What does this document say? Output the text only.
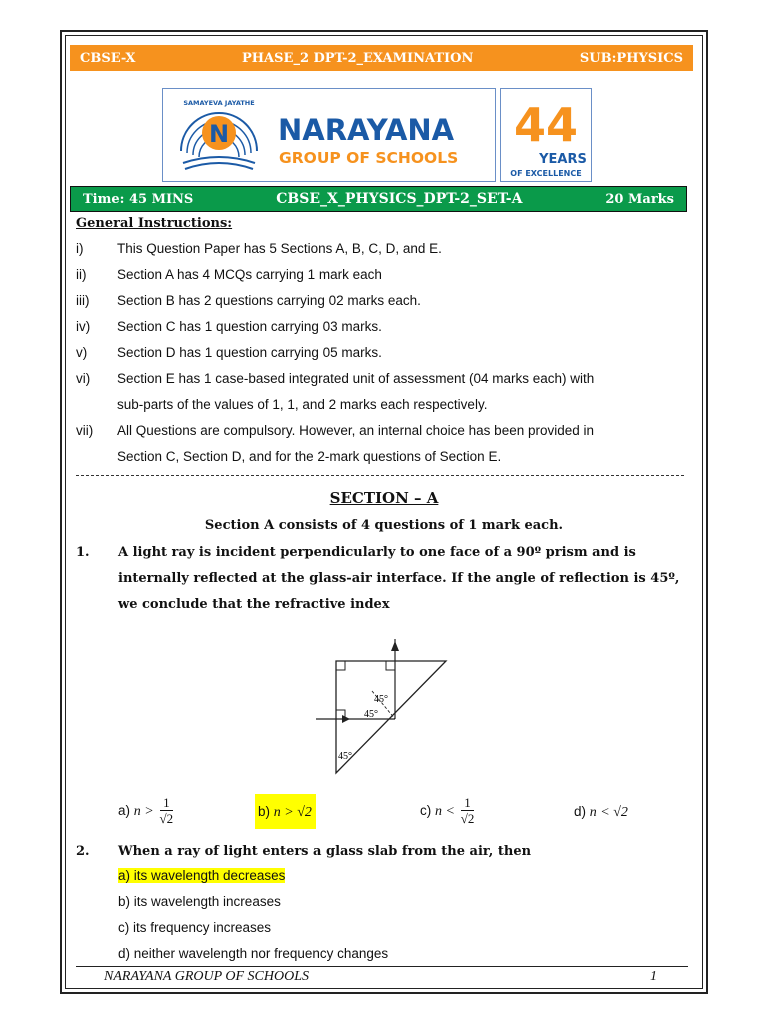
CBSE-X	PHASE_2 DPT-2_EXAMINATION	SUB:PHYSICS
N
SAMAYEVA JAYATHE
NARAYANA
GROUP OF SCHOOLS
44
YEARS
OF EXCELLENCE
Time: 45 MINS	CBSE_X_PHYSICS_DPT-2_SET-A	20 Marks
General Instructions:
i) This Question Paper has 5 Sections A, B, C, D, and E.
ii) Section A has 4 MCQs carrying 1 mark each
iii) Section B has 2 questions carrying 02 marks each.
iv) Section C has 1 question carrying 03 marks.
v) Section D has 1 question carrying 05 marks.
vi) Section E has 1 case-based integrated unit of assessment (04 marks each) with
sub-parts of the values of 1, 1, and 2 marks each respectively.
vii) All Questions are compulsory. However, an internal choice has been provided in
Section C, Section D, and for the 2-mark questions of Section E.
SECTION – A
Section A consists of 4 questions of 1 mark each.
1. A light ray is incident perpendicularly to one face of a 90º prism and is
internally reflected at the glass-air interface. If the angle of reflection is 45º,
we conclude that the refractive index
45°
45°
45°
a) $n > \frac{1}{√2}$	b) n > √2	c) $n < \frac{1}{√2}$	d) n < √2
2. When a ray of light enters a glass slab from the air, then
a) its wavelength decreases
b) its wavelength increases
c) its frequency increases
d) neither wavelength nor frequency changes
NARAYANA GROUP OF SCHOOLS	1
